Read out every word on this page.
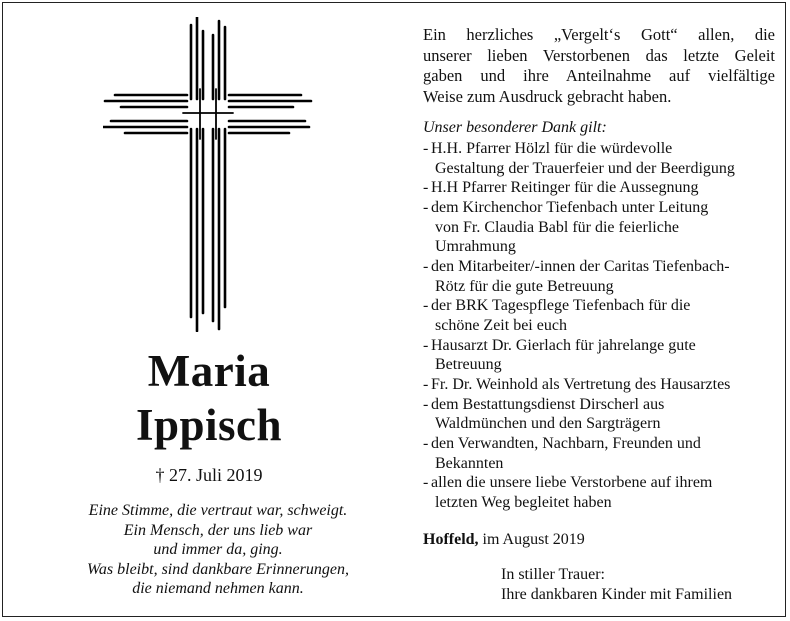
Maria
Ippisch
† 27. Juli 2019
Eine Stimme, die vertraut war, schweigt.
Ein Mensch, der uns lieb war
und immer da, ging.
Was bleibt, sind dankbare Erinnerungen,
die niemand nehmen kann.
Ein herzliches „Vergelt‘s Gott“ allen, die
unserer lieben Verstorbenen das letzte Geleit
gaben und ihre Anteilnahme auf vielfältige
Weise zum Ausdruck gebracht haben.
Unser besonderer Dank gilt:
- H.H. Pfarrer Hölzl für die würdevolle
Gestaltung der Trauerfeier und der Beerdigung
- H.H Pfarrer Reitinger für die Aussegnung
- dem Kirchenchor Tiefenbach unter Leitung
von Fr. Claudia Babl für die feierliche
Umrahmung
- den Mitarbeiter/-innen der Caritas Tiefenbach-
Rötz für die gute Betreuung
- der BRK Tagespflege Tiefenbach für die
schöne Zeit bei euch
- Hausarzt Dr. Gierlach für jahrelange gute
Betreuung
- Fr. Dr. Weinhold als Vertretung des Hausarztes
- dem Bestattungsdienst Dirscherl aus
Waldmünchen und den Sargträgern
- den Verwandten, Nachbarn, Freunden und
Bekannten
- allen die unsere liebe Verstorbene auf ihrem
letzten Weg begleitet haben
Hoffeld, im August 2019
In stiller Trauer:
Ihre dankbaren Kinder mit Familien
